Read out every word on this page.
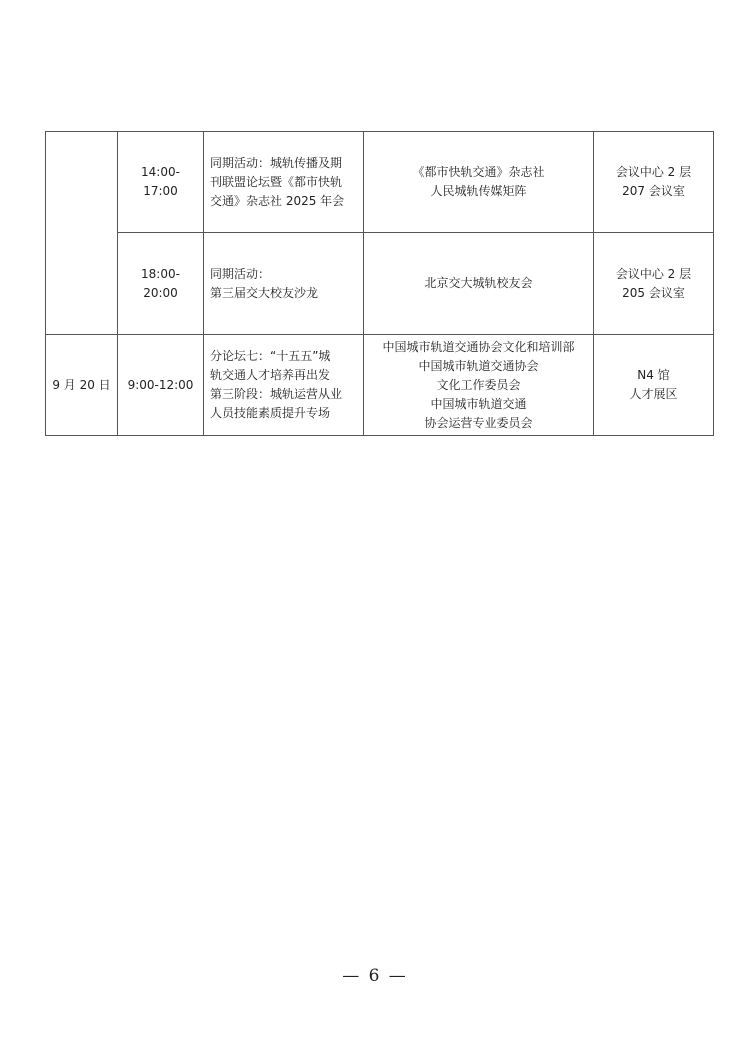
	14:00-17:00	同期活动：城轨传播及期
刊联盟论坛暨《都市快轨
交通》杂志社 2025 年会	《都市快轨交通》杂志社
人民城轨传媒矩阵	会议中心 2 层
207 会议室

	18:00-20:00	同期活动：
第三届交大校友沙龙	北京交大城轨校友会	会议中心 2 层
205 会议室

9 月 20 日	9:00-12:00	分论坛七：“十五五”城
轨交通人才培养再出发
第三阶段：城轨运营从业
人员技能素质提升专场	中国城市轨道交通协会文化和培训部
中国城市轨道交通协会
文化工作委员会
中国城市轨道交通
协会运营专业委员会	N4 馆
人才展区
— 6 —
